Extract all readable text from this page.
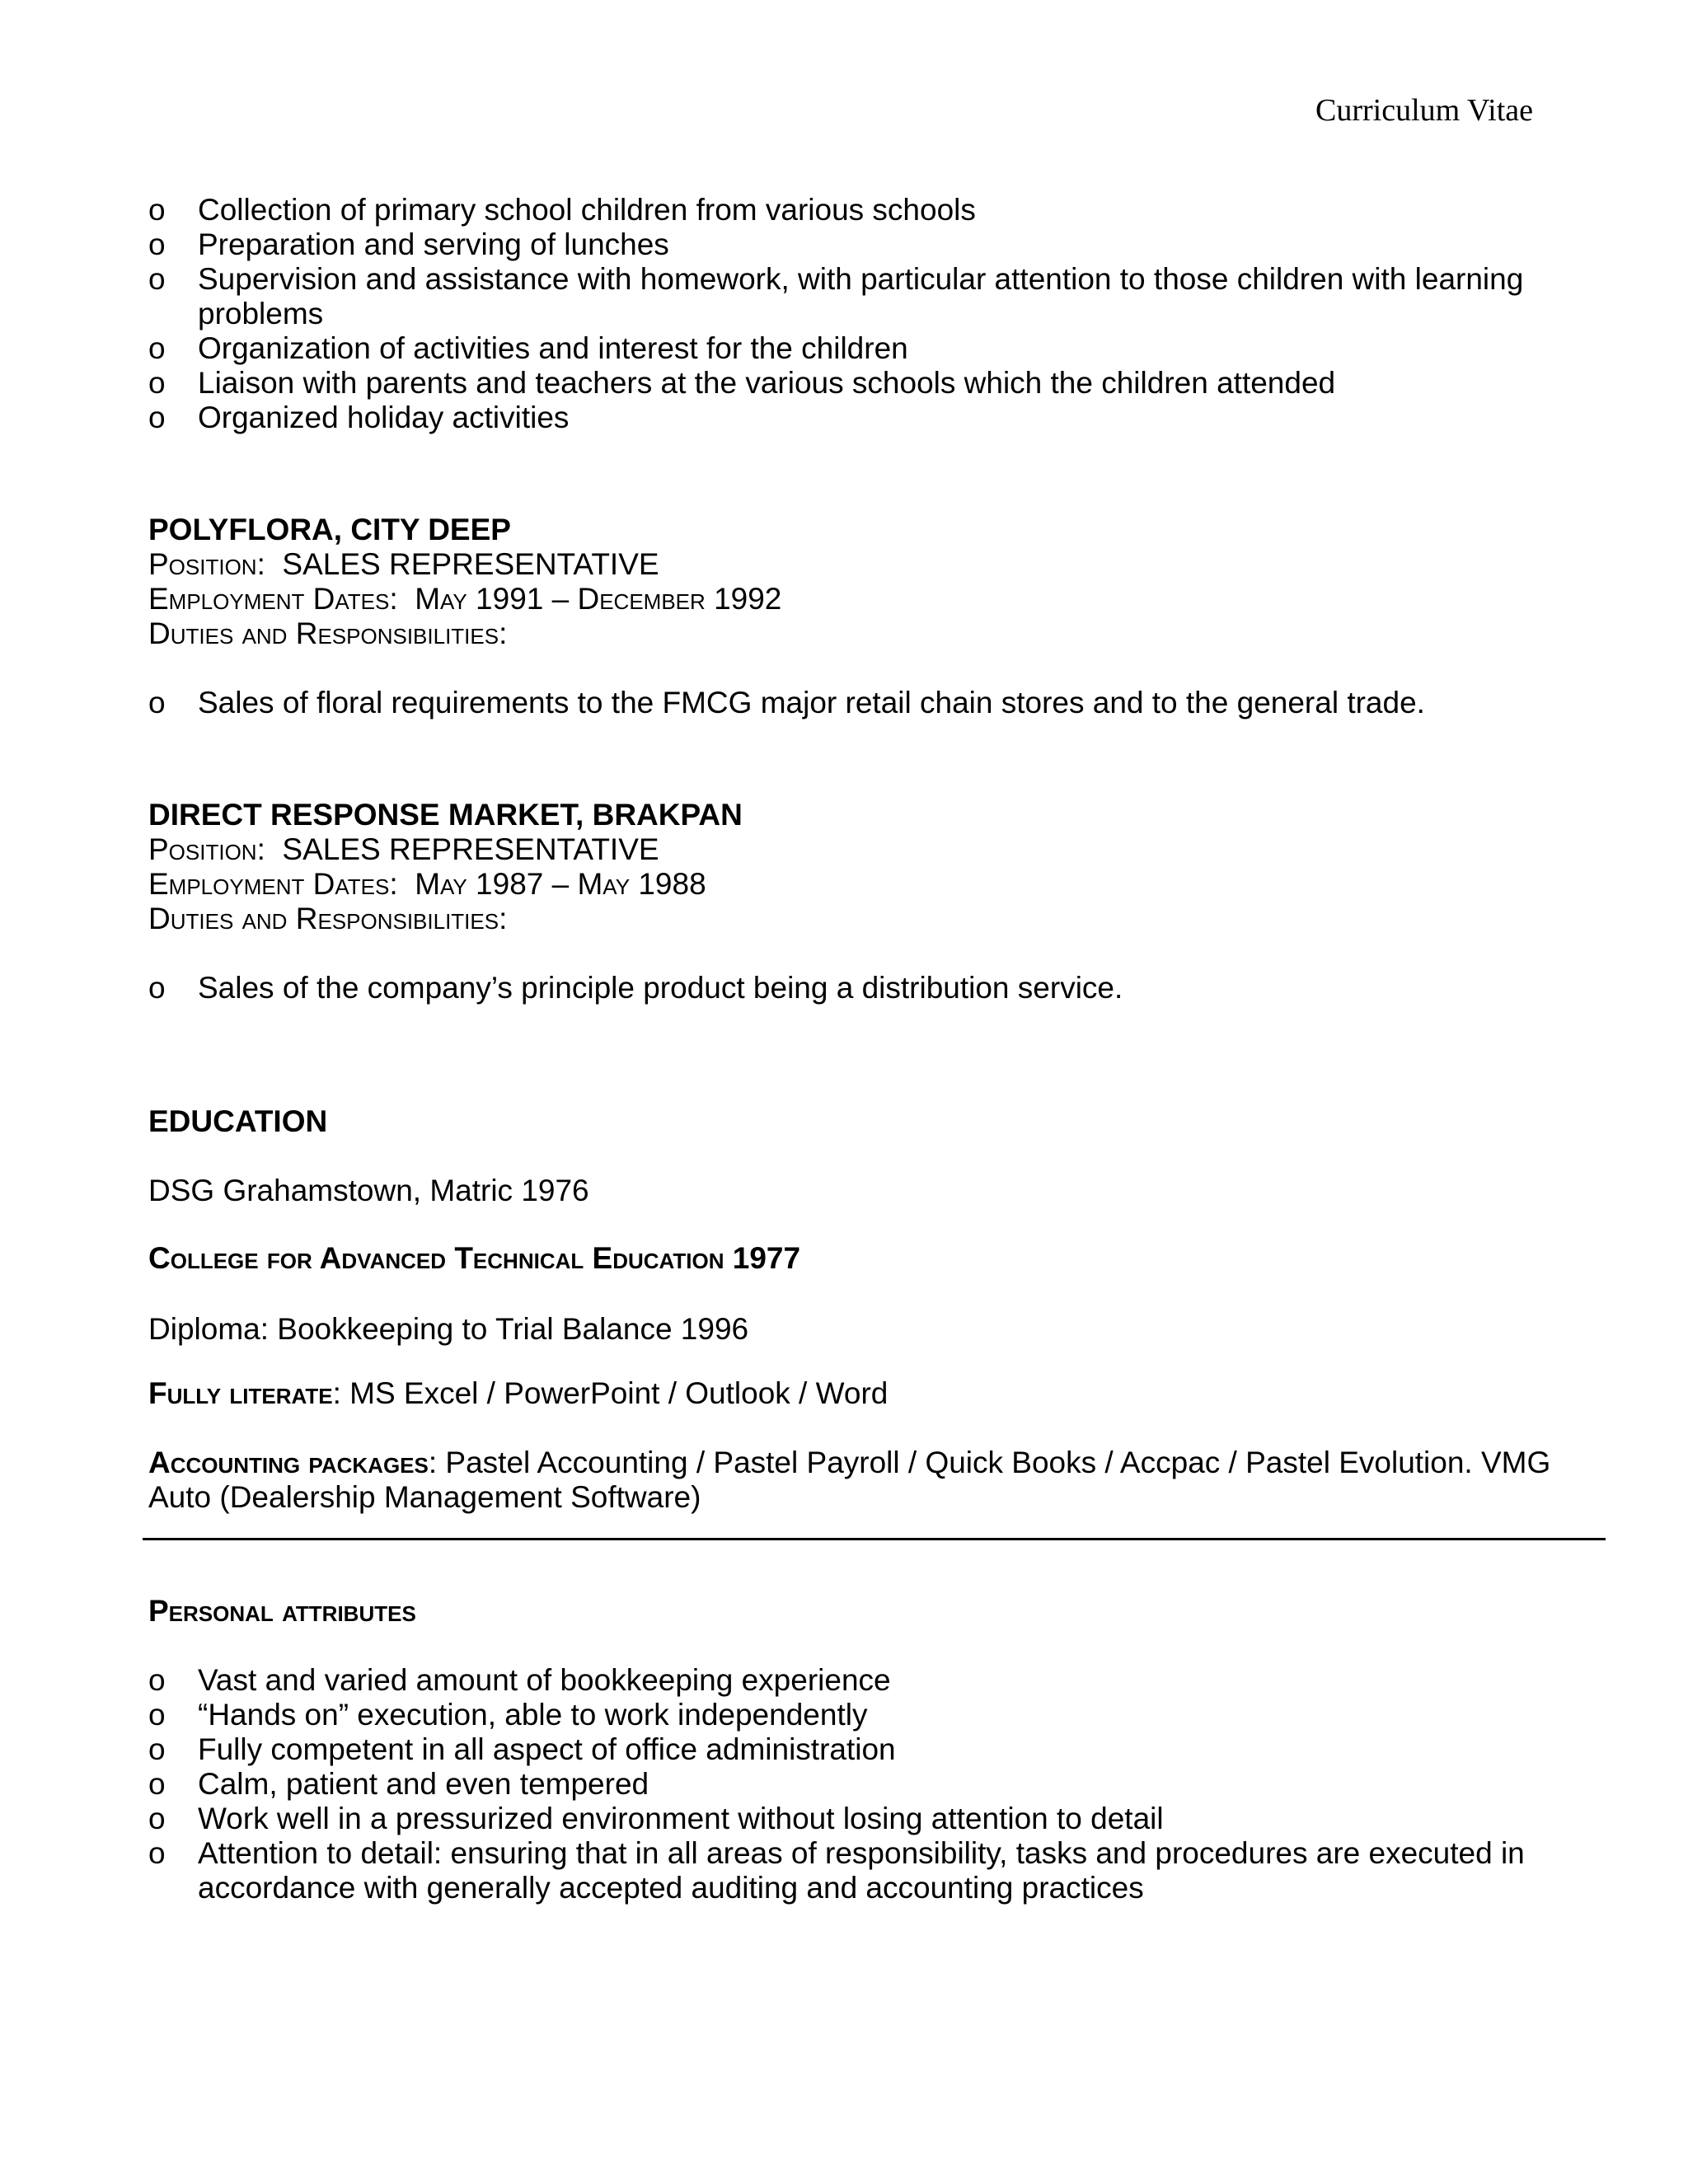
Curriculum Vitae
o Collection of primary school children from various schools
o Preparation and serving of lunches
o Supervision and assistance with homework, with particular attention to those children with learning problems
o Organization of activities and interest for the children
o Liaison with parents and teachers at the various schools which the children attended
o Organized holiday activities
POLYFLORA, CITY DEEP
Position: SALES REPRESENTATIVE
Employment Dates: May 1991 – December 1992
Duties and Responsibilities:
o Sales of floral requirements to the FMCG major retail chain stores and to the general trade.
DIRECT RESPONSE MARKET, BRAKPAN
Position: SALES REPRESENTATIVE
Employment Dates: May 1987 – May 1988
Duties and Responsibilities:
o Sales of the company’s principle product being a distribution service.
EDUCATION

DSG Grahamstown, Matric 1976

College for Advanced Technical Education 1977

Diploma: Bookkeeping to Trial Balance 1996

Fully literate: MS Excel / PowerPoint / Outlook / Word

Accounting packages: Pastel Accounting / Pastel Payroll / Quick Books / Accpac / Pastel Evolution. VMG Auto (Dealership Management Software)

Personal attributes
o Vast and varied amount of bookkeeping experience
o “Hands on” execution, able to work independently
o Fully competent in all aspect of office administration
o Calm, patient and even tempered
o Work well in a pressurized environment without losing attention to detail
o Attention to detail: ensuring that in all areas of responsibility, tasks and procedures are executed in accordance with generally accepted auditing and accounting practices
